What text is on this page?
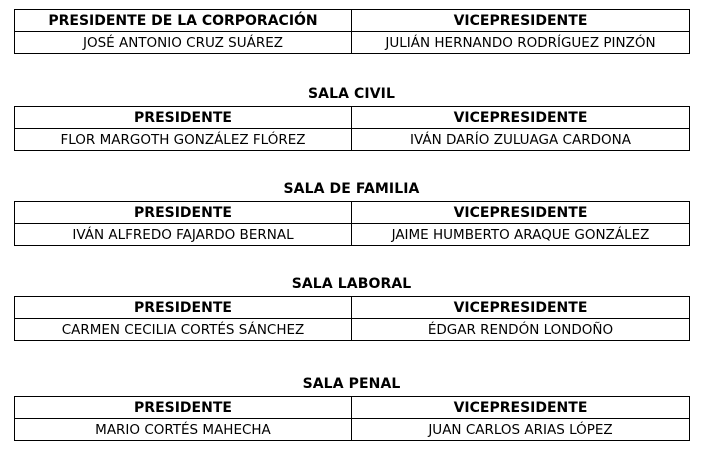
PRESIDENTE DE LA CORPORACIÓN	VICEPRESIDENTE
JOSÉ ANTONIO CRUZ SUÁREZ	JULIÁN HERNANDO RODRÍGUEZ PINZÓN
SALA CIVIL
PRESIDENTE	VICEPRESIDENTE
FLOR MARGOTH GONZÁLEZ FLÓREZ	IVÁN DARÍO ZULUAGA CARDONA
SALA DE FAMILIA
PRESIDENTE	VICEPRESIDENTE
IVÁN ALFREDO FAJARDO BERNAL	JAIME HUMBERTO ARAQUE GONZÁLEZ
SALA LABORAL
PRESIDENTE	VICEPRESIDENTE
CARMEN CECILIA CORTÉS SÁNCHEZ	ÉDGAR RENDÓN LONDOÑO
SALA PENAL
PRESIDENTE	VICEPRESIDENTE
MARIO CORTÉS MAHECHA	JUAN CARLOS ARIAS LÓPEZ
